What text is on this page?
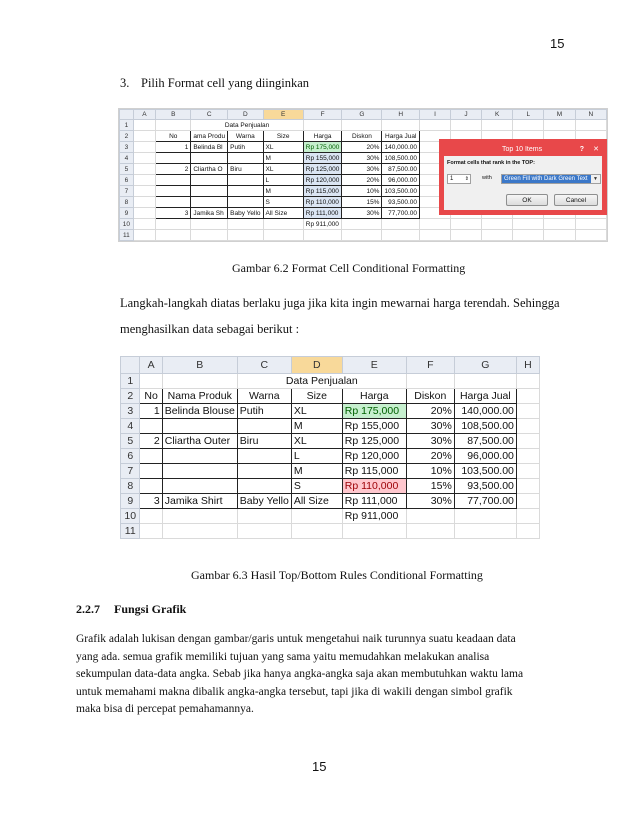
15
3. Pilih Format cell yang diinginkan
	A	B	C	D	E	F	G	H	I	J	K	L	M	N
1			Data Penjualan											
2		No	ama Produ	Warna	Size	Harga	Diskon	Harga Jual						
3		1	Belinda Bl	Putih	XL	Rp 175,000	20%	140,000.00						
4					M	Rp 155,000	30%	108,500.00						
5		2	Cliartha O	Biru	XL	Rp 125,000	30%	87,500.00						
6					L	Rp 120,000	20%	96,000.00						
7					M	Rp 115,000	10%	103,500.00						
8					S	Rp 110,000	15%	93,500.00						
9		3	Jamika Sh	Baby Yello	All Size	Rp 111,000	30%	77,700.00						
10						Rp 911,000								
11														
Top 10 Items	? ✕
Format cells that rank in the TOP:
1 ⇕ with	Green Fill with Dark Green Text	▼
OK	Cancel
Gambar 6.2 Format Cell Conditional Formatting
Langkah-langkah diatas berlaku juga jika kita ingin mewarnai harga terendah. Sehingga
menghasilkan data sebagai berikut :
	A	B	C	D	E	F	G	H
1			Data Penjualan					
2	No	Nama Produk	Warna	Size	Harga	Diskon	Harga Jual	
3	1	Belinda Blouse	Putih	XL	Rp 175,000	20%	140,000.00	
4				M	Rp 155,000	30%	108,500.00	
5	2	Cliartha Outer	Biru	XL	Rp 125,000	30%	87,500.00	
6				L	Rp 120,000	20%	96,000.00	
7				M	Rp 115,000	10%	103,500.00	
8				S	Rp 110,000	15%	93,500.00	
9	3	Jamika Shirt	Baby Yello	All Size	Rp 111,000	30%	77,700.00	
10					Rp 911,000			
11								
Gambar 6.3 Hasil Top/Bottom Rules Conditional Formatting
2.2.7 Fungsi Grafik
Grafik adalah lukisan dengan gambar/garis untuk mengetahui naik turunnya suatu keadaan data
yang ada. semua grafik memiliki tujuan yang sama yaitu memudahkan melakukan analisa
sekumpulan data-data angka. Sebab jika hanya angka-angka saja akan membutuhkan waktu lama
untuk memahami makna dibalik angka-angka tersebut, tapi jika di wakili dengan simbol grafik
maka bisa di percepat pemahamannya.
15
